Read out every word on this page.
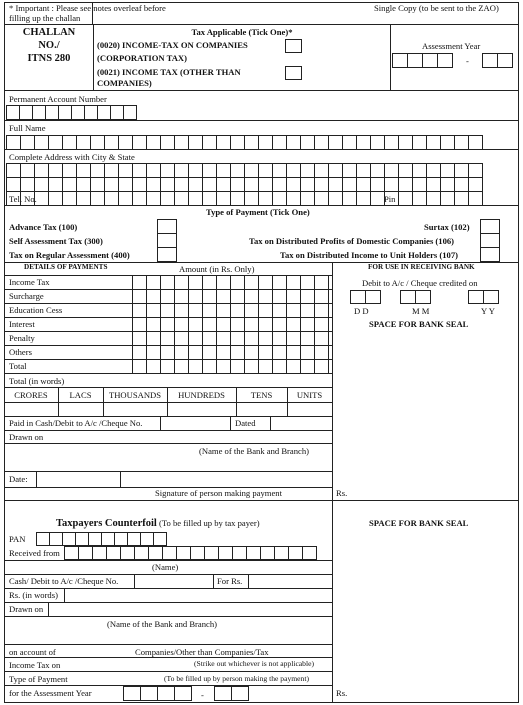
* Important : Please see notes overleaf before
filling up the challan
Single Copy (to be sent to the ZAO)
CHALLAN
NO./
ITNS 280
Tax Applicable (Tick One)*
(0020) INCOME-TAX ON COMPANIES
(CORPORATION TAX)
(0021) INCOME TAX (OTHER THAN
COMPANIES)
Assessment Year
-
Permanent Account Number
Full Name
Complete Address with City & State
Tel. No.	Pin
Type of Payment (Tick One)
Advance Tax (100)
Self Assessment Tax (300)
Tax on Regular Assessment (400)
Surtax (102)
Tax on Distributed Profits of Domestic Companies (106)
Tax on Distributed Income to Unit Holders (107)
DETAILS OF PAYMENTS	Amount (in Rs. Only)
Income Tax
Surcharge
Education Cess
Interest
Penalty
Others
Total
Total (in words)
CRORES	LACS	THOUSANDS	HUNDREDS	TENS	UNITS
Paid in Cash/Debit to A/c /Cheque No.	Dated
Drawn on
(Name of the Bank and Branch)
Date:
Signature of person making payment	Rs.
FOR USE IN RECEIVING BANK
Debit to A/c / Cheque credited on
D D	M M	Y Y
SPACE FOR BANK SEAL
Taxpayers Counterfoil (To be filled up by tax payer)
PAN
Received from
(Name)
Cash/ Debit to A/c /Cheque No.	For Rs.
Rs. (in words)
Drawn on
(Name of the Bank and Branch)
on account of
Income Tax on
Type of Payment
for the Assessment Year
Companies/Other than Companies/Tax
(Strike out whichever is not applicable)
(To be filled up by person making the payment)
-	Rs.
SPACE FOR BANK SEAL
